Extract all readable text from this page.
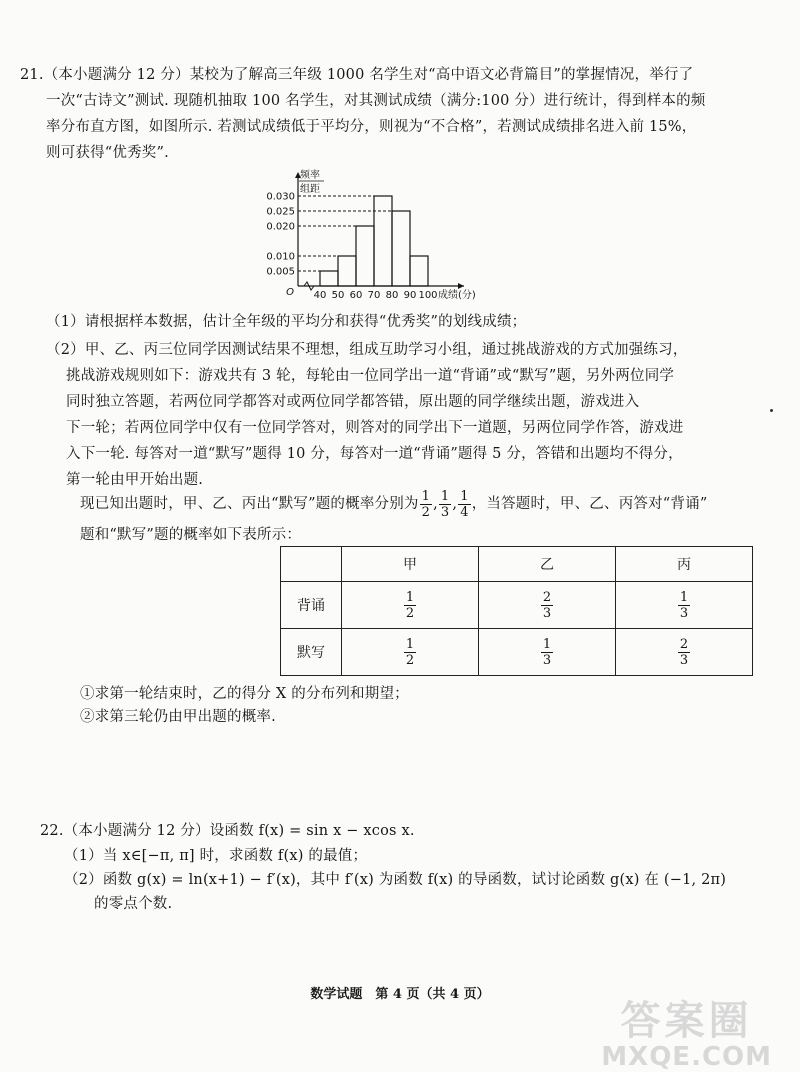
21.（本小题满分 12 分）某校为了解高三年级 1000 名学生对“高中语文必背篇目”的掌握情况，举行了
一次“古诗文”测试. 现随机抽取 100 名学生，对其测试成绩（满分:100 分）进行统计，得到样本的频
率分布直方图，如图所示. 若测试成绩低于平均分，则视为“不合格”，若测试成绩排名进入前 15%，
则可获得“优秀奖”.
0.030
0.025
0.020
0.010
0.005
40 50 60 70 80 90 100
O	成绩(分)
频率
组距
（1）请根据样本数据，估计全年级的平均分和获得“优秀奖”的划线成绩；
（2）甲、乙、丙三位同学因测试结果不理想，组成互助学习小组，通过挑战游戏的方式加强练习，
挑战游戏规则如下：游戏共有 3 轮，每轮由一位同学出一道“背诵”或“默写”题，另外两位同学
同时独立答题，若两位同学都答对或两位同学都答错，原出题的同学继续出题，游戏进入
下一轮；若两位同学中仅有一位同学答对，则答对的同学出下一道题，另两位同学作答，游戏进
入下一轮. 每答对一道“默写”题得 10 分，每答对一道“背诵”题得 5 分，答错和出题均不得分，
第一轮由甲开始出题.
现已知出题时，甲、乙、丙出“默写”题的概率分别为 $\frac{1}{2}$ , $\frac{1}{3}$ , $\frac{1}{4}$ ，当答题时，甲、乙、丙答对“背诵”
题和“默写”题的概率如下表所示：
	甲	乙	丙
背诵	$\frac{1}{2}$	$\frac{2}{3}$	$\frac{1}{3}$

默写	$\frac{1}{2}$	$\frac{1}{3}$	$\frac{2}{3}$
①求第一轮结束时，乙的得分 X 的分布列和期望；
②求第三轮仍由甲出题的概率.
22.（本小题满分 12 分）设函数 f(x) = sin x − xcos x.
（1）当 x∈[−π, π] 时，求函数 f(x) 的最值；
（2）函数 g(x) = ln(x+1) − f′(x)，其中 f′(x) 为函数 f(x) 的导函数，试讨论函数 g(x) 在 (−1, 2π)
的零点个数.
数学试题　第 4 页（共 4 页）
答案圈
MXQE.COM
